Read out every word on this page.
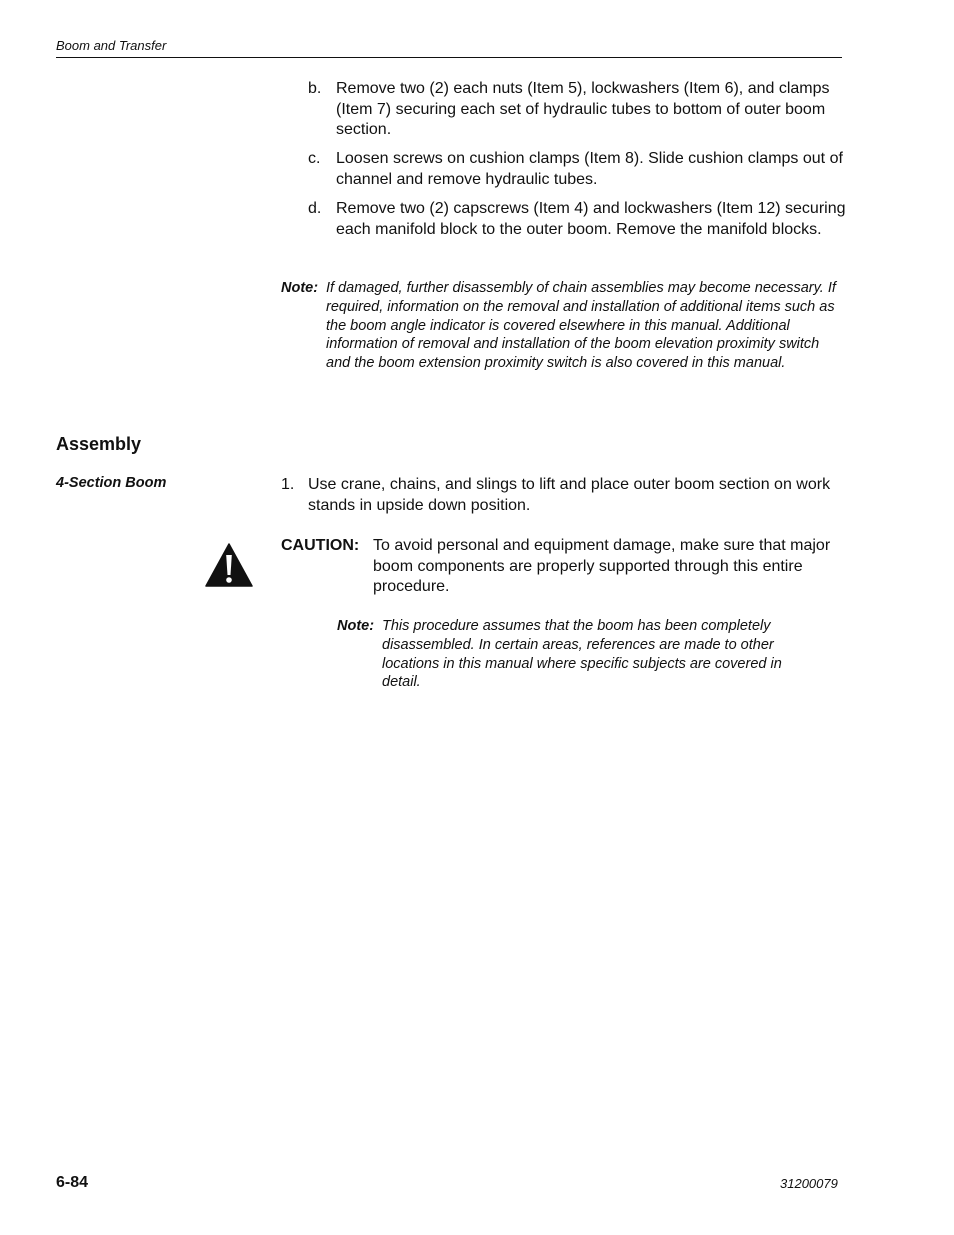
Boom and Transfer
b. Remove two (2) each nuts (Item 5), lockwashers (Item 6), and clamps (Item 7) securing each set of hydraulic tubes to bottom of outer boom section.
c. Loosen screws on cushion clamps (Item 8). Slide cushion clamps out of channel and remove hydraulic tubes.
d. Remove two (2) capscrews (Item 4) and lockwashers (Item 12) securing each manifold block to the outer boom. Remove the manifold blocks.
Note: If damaged, further disassembly of chain assemblies may become necessary. If required, information on the removal and installation of additional items such as the boom angle indicator is covered elsewhere in this manual. Additional information of removal and installation of the boom elevation proximity switch and the boom extension proximity switch is also covered in this manual.
Assembly
4-Section Boom	1. Use crane, chains, and slings to lift and place outer boom section on work stands in upside down position.
CAUTION: To avoid personal and equipment damage, make sure that major boom components are properly supported through this entire procedure.
Note: This procedure assumes that the boom has been completely disassembled. In certain areas, references are made to other locations in this manual where specific subjects are covered in detail.
6-84	31200079
